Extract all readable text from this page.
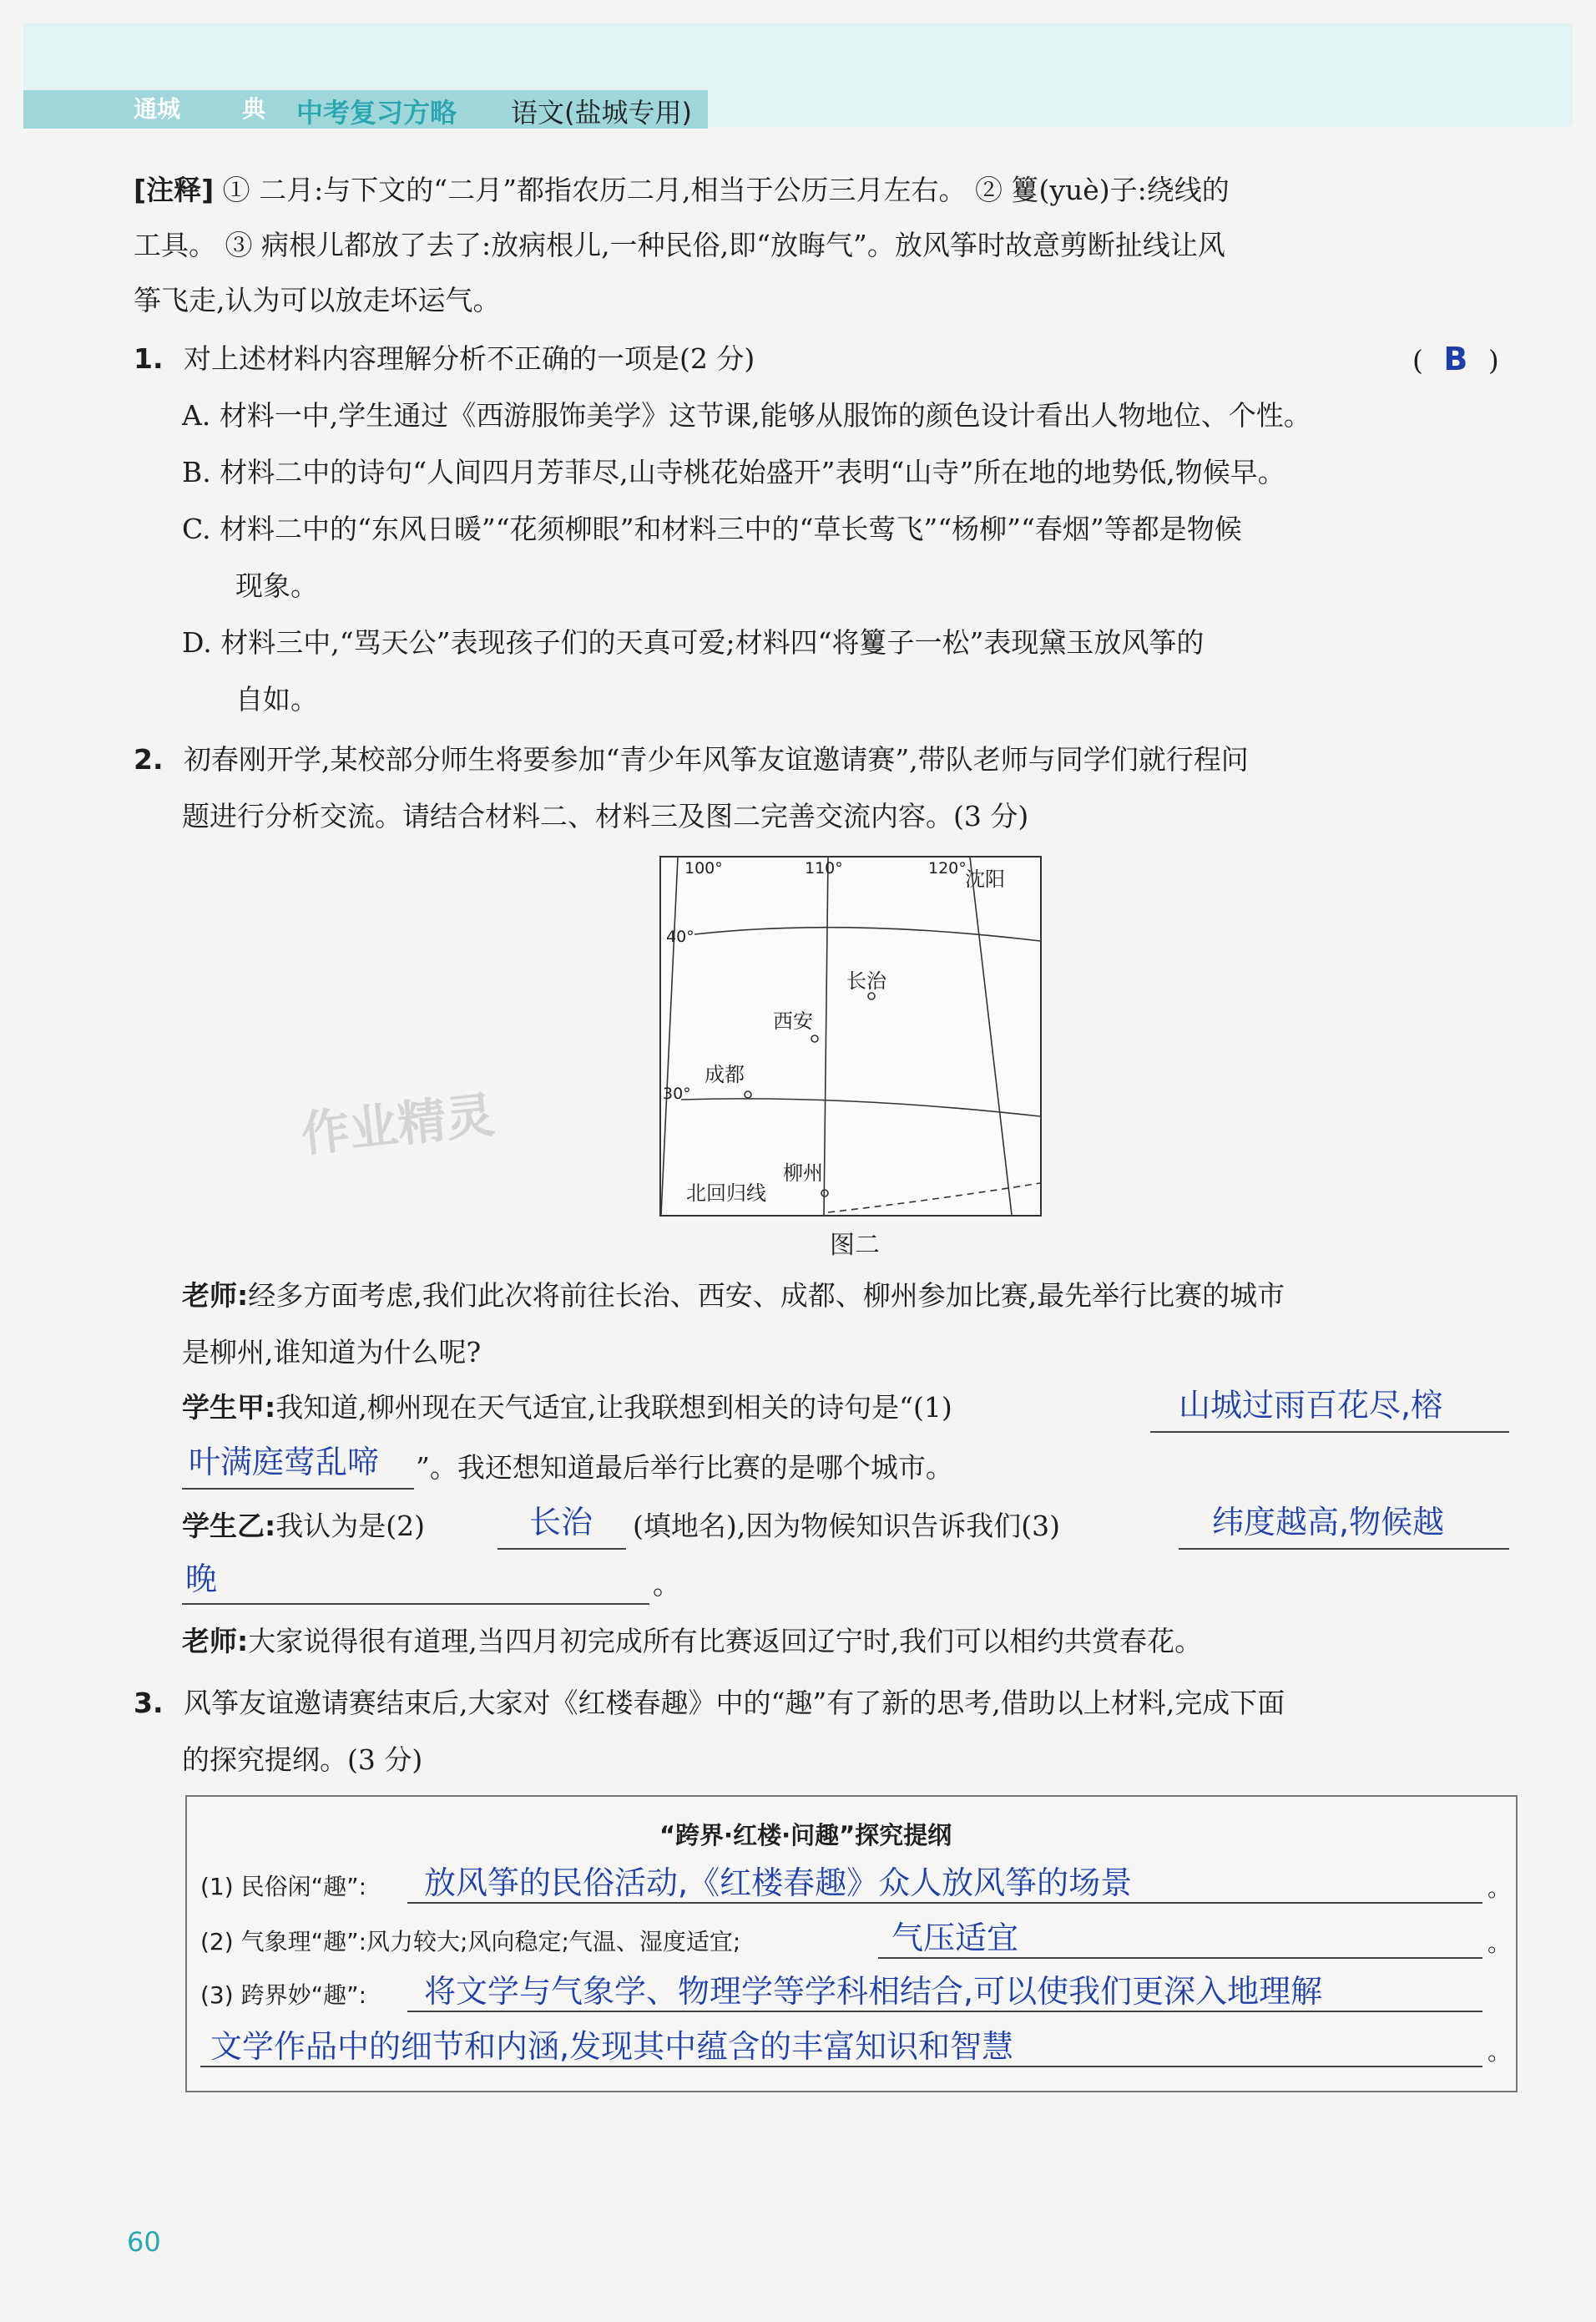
通城	典 中考复习方略 语文(盐城专用)
[注释] ① 二月:与下文的“二月”都指农历二月,相当于公历三月左右。 ② 籰(yuè)子:绕线的
工具。 ③ 病根儿都放了去了:放病根儿,一种民俗,即“放晦气”。放风筝时故意剪断扯线让风
筝飞走,认为可以放走坏运气。
1. 对上述材料内容理解分析不正确的一项是(2 分)	( B )
A. 材料一中,学生通过《西游服饰美学》这节课,能够从服饰的颜色设计看出人物地位、个性。
B. 材料二中的诗句“人间四月芳菲尽,山寺桃花始盛开”表明“山寺”所在地的地势低,物候早。
C. 材料二中的“东风日暖”“花须柳眼”和材料三中的“草长莺飞”“杨柳”“春烟”等都是物候
现象。
D. 材料三中,“骂天公”表现孩子们的天真可爱;材料四“将籰子一松”表现黛玉放风筝的
自如。
2. 初春刚开学,某校部分师生将要参加“青少年风筝友谊邀请赛”,带队老师与同学们就行程问
题进行分析交流。请结合材料二、材料三及图二完善交流内容。(3 分)
100°	110°	120°
40°
30°
沈阳
长治
西安
成都
柳州
北回归线
图二
老师:经多方面考虑,我们此次将前往长治、西安、成都、柳州参加比赛,最先举行比赛的城市
是柳州,谁知道为什么呢?
学生甲:我知道,柳州现在天气适宜,让我联想到相关的诗句是“(1)	山城过雨百花尽,榕
叶满庭莺乱啼 ”。我还想知道最后举行比赛的是哪个城市。
学生乙:我认为是(2)	长治 (填地名),因为物候知识告诉我们(3)	纬度越高,物候越
晚	。
老师:大家说得很有道理,当四月初完成所有比赛返回辽宁时,我们可以相约共赏春花。
3. 风筝友谊邀请赛结束后,大家对《红楼春趣》中的“趣”有了新的思考,借助以上材料,完成下面
的探究提纲。(3 分)
“跨界·红楼·问趣”探究提纲
(1) 民俗闲“趣”: 放风筝的民俗活动,《红楼春趣》众人放风筝的场景	。
(2) 气象理“趣”:风力较大;风向稳定;气温、湿度适宜;	气压适宜	。
(3) 跨界妙“趣”: 将文学与气象学、物理学等学科相结合,可以使我们更深入地理解
文学作品中的细节和内涵,发现其中蕴含的丰富知识和智慧	。
作业精灵
60
